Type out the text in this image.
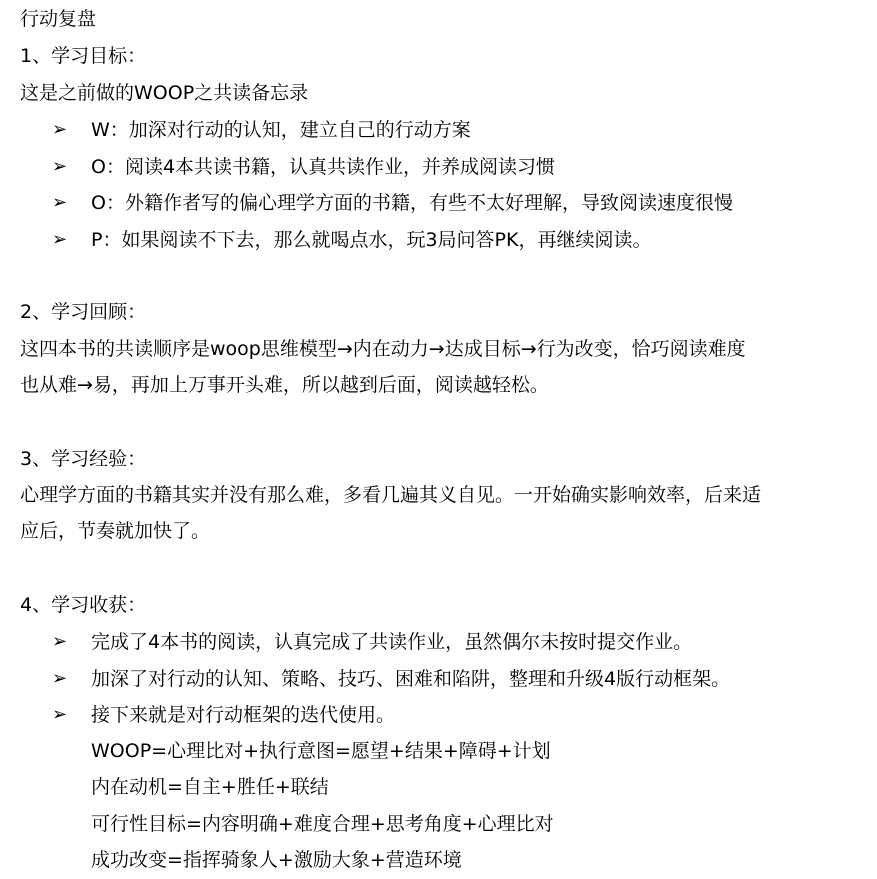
行动复盘
1、学习目标：
这是之前做的WOOP之共读备忘录
➢ W：加深对行动的认知，建立自己的行动方案
➢ O：阅读4本共读书籍，认真共读作业，并养成阅读习惯
➢ O：外籍作者写的偏心理学方面的书籍，有些不太好理解，导致阅读速度很慢
➢ P：如果阅读不下去，那么就喝点水，玩3局问答PK，再继续阅读。
2、学习回顾：
这四本书的共读顺序是woop思维模型→内在动力→达成目标→行为改变，恰巧阅读难度
也从难→易，再加上万事开头难，所以越到后面，阅读越轻松。
3、学习经验：
心理学方面的书籍其实并没有那么难，多看几遍其义自见。一开始确实影响效率，后来适
应后，节奏就加快了。
4、学习收获：
➢ 完成了4本书的阅读，认真完成了共读作业，虽然偶尔未按时提交作业。
➢ 加深了对行动的认知、策略、技巧、困难和陷阱，整理和升级4版行动框架。
➢ 接下来就是对行动框架的迭代使用。
WOOP=心理比对+执行意图=愿望+结果+障碍+计划
内在动机=自主+胜任+联结
可行性目标=内容明确+难度合理+思考角度+心理比对
成功改变=指挥骑象人+激励大象+营造环境
